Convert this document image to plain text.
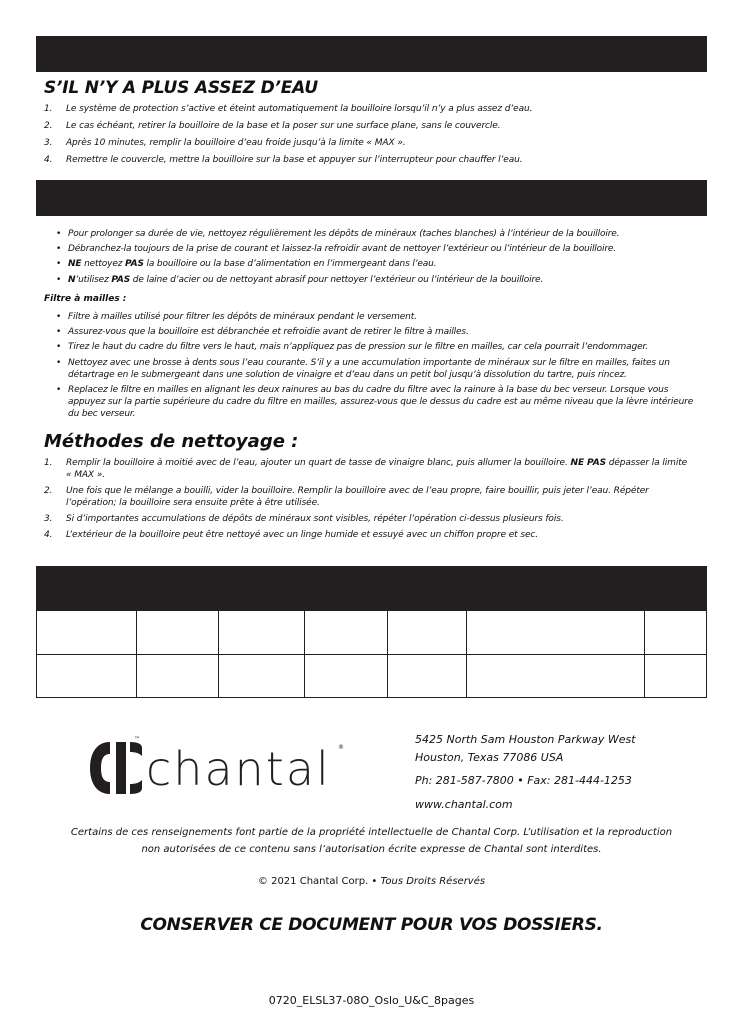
S’IL N’Y A PLUS ASSEZ D’EAU
1. Le système de protection s’active et éteint automatiquement la bouilloire lorsqu’il n’y a plus assez d’eau.
2. Le cas échéant, retirer la bouilloire de la base et la poser sur une surface plane, sans le couvercle.
3. Après 10 minutes, remplir la bouilloire d’eau froide jusqu’à la limite « MAX ».
4. Remettre le couvercle, mettre la bouilloire sur la base et appuyer sur l’interrupteur pour chauffer l’eau.
• Pour prolonger sa durée de vie, nettoyez régulièrement les dépôts de minéraux (taches blanches) à l’intérieur de la bouilloire.
• Débranchez-la toujours de la prise de courant et laissez-la refroidir avant de nettoyer l’extérieur ou l’intérieur de la bouilloire.
• NE nettoyez PAS la bouilloire ou la base d’alimentation en l’immergeant dans l’eau.
• N’utilisez PAS de laine d’acier ou de nettoyant abrasif pour nettoyer l’extérieur ou l’intérieur de la bouilloire.
Filtre à mailles :
• Filtre à mailles utilisé pour filtrer les dépôts de minéraux pendant le versement.
• Assurez-vous que la bouilloire est débranchée et refroidie avant de retirer le filtre à mailles.
• Tirez le haut du cadre du filtre vers le haut, mais n’appliquez pas de pression sur le filtre en mailles, car cela pourrait l’endommager.
• Nettoyez avec une brosse à dents sous l’eau courante. S’il y a une accumulation importante de minéraux sur le filtre en mailles, faites un détartrage en le submergeant dans une solution de vinaigre et d’eau dans un petit bol jusqu’à dissolution du tartre, puis rincez.
• Replacez le filtre en mailles en alignant les deux rainures au bas du cadre du filtre avec la rainure à la base du bec verseur. Lorsque vous appuyez sur la partie supérieure du cadre du filtre en mailles, assurez-vous que le dessus du cadre est au même niveau que la lèvre intérieure du bec verseur.
Méthodes de nettoyage :
1. Remplir la bouilloire à moitié avec de l’eau, ajouter un quart de tasse de vinaigre blanc, puis allumer la bouilloire. NE PAS dépasser la limite « MAX ».
2. Une fois que le mélange a bouilli, vider la bouilloire. Remplir la bouilloire avec de l’eau propre, faire bouillir, puis jeter l’eau. Répéter l’opération; la bouilloire sera ensuite prête à être utilisée.
3. Si d’importantes accumulations de dépôts de minéraux sont visibles, répéter l’opération ci-dessus plusieurs fois.
4. L’extérieur de la bouilloire peut être nettoyé avec un linge humide et essuyé avec un chiffon propre et sec.

™
chantal ®
5425 North Sam Houston Parkway West
Houston, Texas 77086 USA
Ph: 281-587-7800 • Fax: 281-444-1253
www.chantal.com
Certains de ces renseignements font partie de la propriété intellectuelle de Chantal Corp. L’utilisation et la reproduction non autorisées de ce contenu sans l’autorisation écrite expresse de Chantal sont interdites.
© 2021 Chantal Corp. • Tous Droits Réservés
CONSERVER CE DOCUMENT POUR VOS DOSSIERS.
0720_ELSL37-08O_Oslo_U&C_8pages
